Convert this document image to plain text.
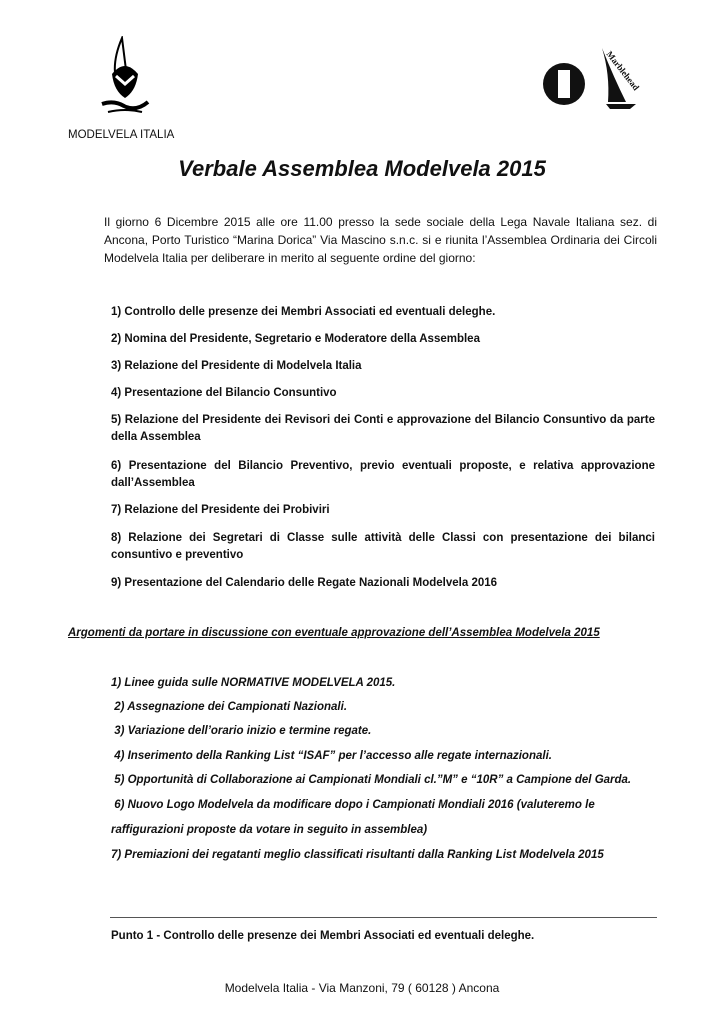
MODELVELA ITALIA
Marblehead
Verbale Assemblea Modelvela 2015
Il giorno 6 Dicembre 2015 alle ore 11.00 presso la sede sociale della Lega Navale Italiana sez. di Ancona, Porto Turistico “Marina Dorica” Via Mascino s.n.c. si e riunita l’Assemblea Ordinaria dei Circoli Modelvela Italia per deliberare in merito al seguente ordine del giorno:
1) Controllo delle presenze dei Membri Associati ed eventuali deleghe.
2) Nomina del Presidente, Segretario e Moderatore della Assemblea
3) Relazione del Presidente di Modelvela Italia
4) Presentazione del Bilancio Consuntivo
5) Relazione del Presidente dei Revisori dei Conti e approvazione del Bilancio Consuntivo da parte della Assemblea
6) Presentazione del Bilancio Preventivo, previo eventuali proposte, e relativa approvazione dall’Assemblea
7) Relazione del Presidente dei Probiviri
8) Relazione dei Segretari di Classe sulle attività delle Classi con presentazione dei bilanci consuntivo e preventivo
9) Presentazione del Calendario delle Regate Nazionali Modelvela 2016
Argomenti da portare in discussione con eventuale approvazione dell’Assemblea Modelvela 2015
1) Linee guida sulle NORMATIVE MODELVELA 2015.
2) Assegnazione dei Campionati Nazionali.
3) Variazione dell’orario inizio e termine regate.
4) Inserimento della Ranking List “ISAF” per l’accesso alle regate internazionali.
5) Opportunità di Collaborazione ai Campionati Mondiali cl.”M” e “10R” a Campione del Garda.
6) Nuovo Logo Modelvela da modificare dopo i Campionati Mondiali 2016 (valuteremo le
raffigurazioni proposte da votare in seguito in assemblea)
7) Premiazioni dei regatanti meglio classificati risultanti dalla Ranking List Modelvela 2015
Punto 1 - Controllo delle presenze dei Membri Associati ed eventuali deleghe.
Modelvela Italia - Via Manzoni, 79 ( 60128 ) Ancona
